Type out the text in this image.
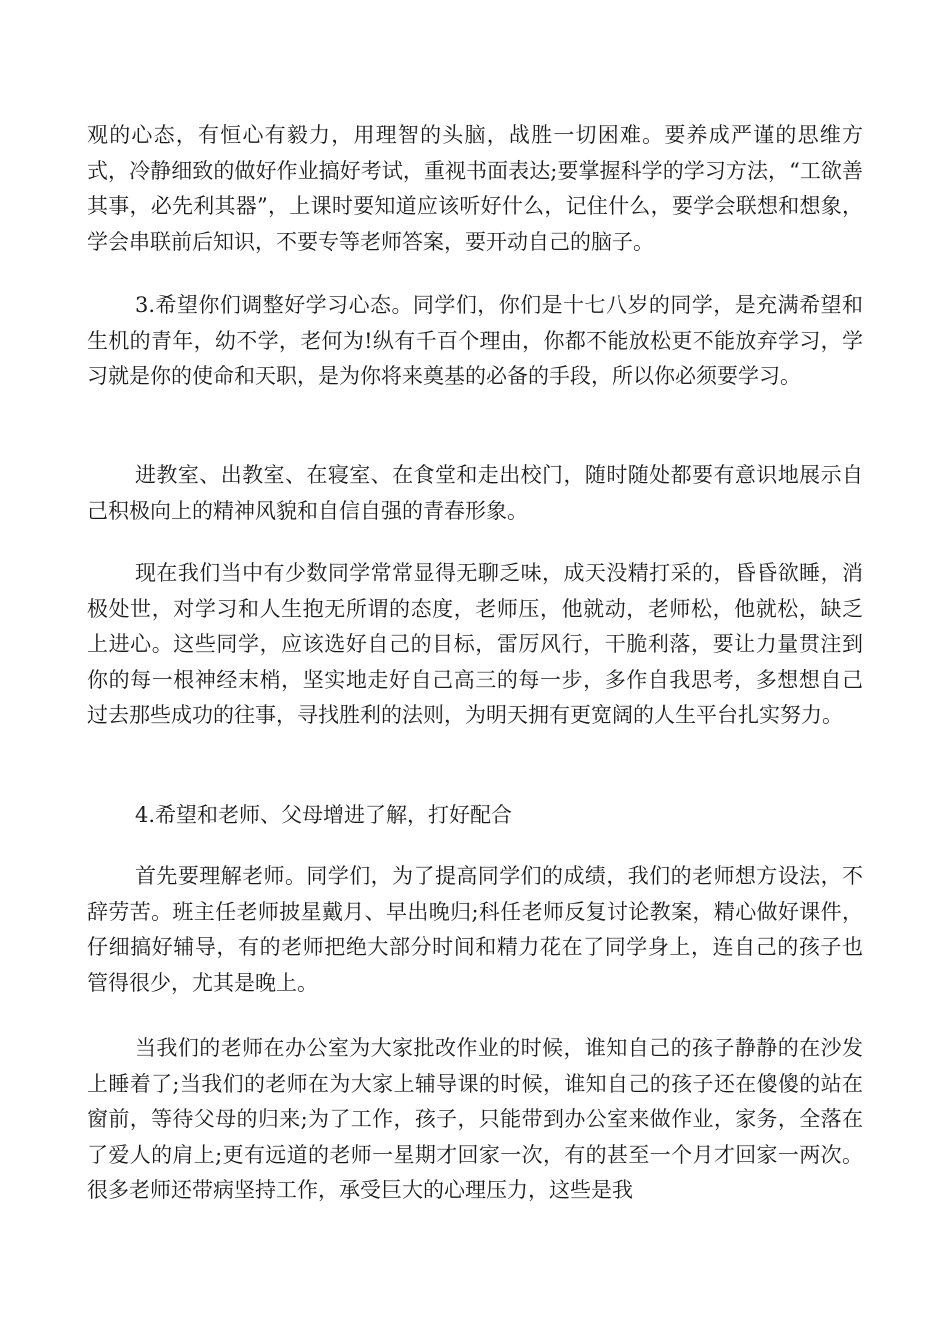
观的心态，有恒心有毅力，用理智的头脑，战胜一切困难。要养成严谨的思维方式，冷静细致的做好作业搞好考试，重视书面表达;要掌握科学的学习方法，“工欲善其事，必先利其器”，上课时要知道应该听好什么，记住什么，要学会联想和想象，学会串联前后知识，不要专等老师答案，要开动自己的脑子。

3.希望你们调整好学习心态。同学们，你们是十七八岁的同学，是充满希望和生机的青年，幼不学，老何为!纵有千百个理由，你都不能放松更不能放弃学习，学习就是你的使命和天职，是为你将来奠基的必备的手段，所以你必须要学习。

进教室、出教室、在寝室、在食堂和走出校门，随时随处都要有意识地展示自己积极向上的精神风貌和自信自强的青春形象。

现在我们当中有少数同学常常显得无聊乏味，成天没精打采的，昏昏欲睡，消极处世，对学习和人生抱无所谓的态度，老师压，他就动，老师松，他就松，缺乏上进心。这些同学，应该选好自己的目标，雷厉风行，干脆利落，要让力量贯注到你的每一根神经末梢，坚实地走好自己高三的每一步，多作自我思考，多想想自己过去那些成功的往事，寻找胜利的法则，为明天拥有更宽阔的人生平台扎实努力。

4.希望和老师、父母增进了解，打好配合

首先要理解老师。同学们，为了提高同学们的成绩，我们的老师想方设法，不辞劳苦。班主任老师披星戴月、早出晚归;科任老师反复讨论教案，精心做好课件，仔细搞好辅导，有的老师把绝大部分时间和精力花在了同学身上，连自己的孩子也管得很少，尤其是晚上。

当我们的老师在办公室为大家批改作业的时候，谁知自己的孩子静静的在沙发上睡着了;当我们的老师在为大家上辅导课的时候，谁知自己的孩子还在傻傻的站在窗前，等待父母的归来;为了工作，孩子，只能带到办公室来做作业，家务，全落在了爱人的肩上;更有远道的老师一星期才回家一次，有的甚至一个月才回家一两次。很多老师还带病坚持工作，承受巨大的心理压力，这些是我
